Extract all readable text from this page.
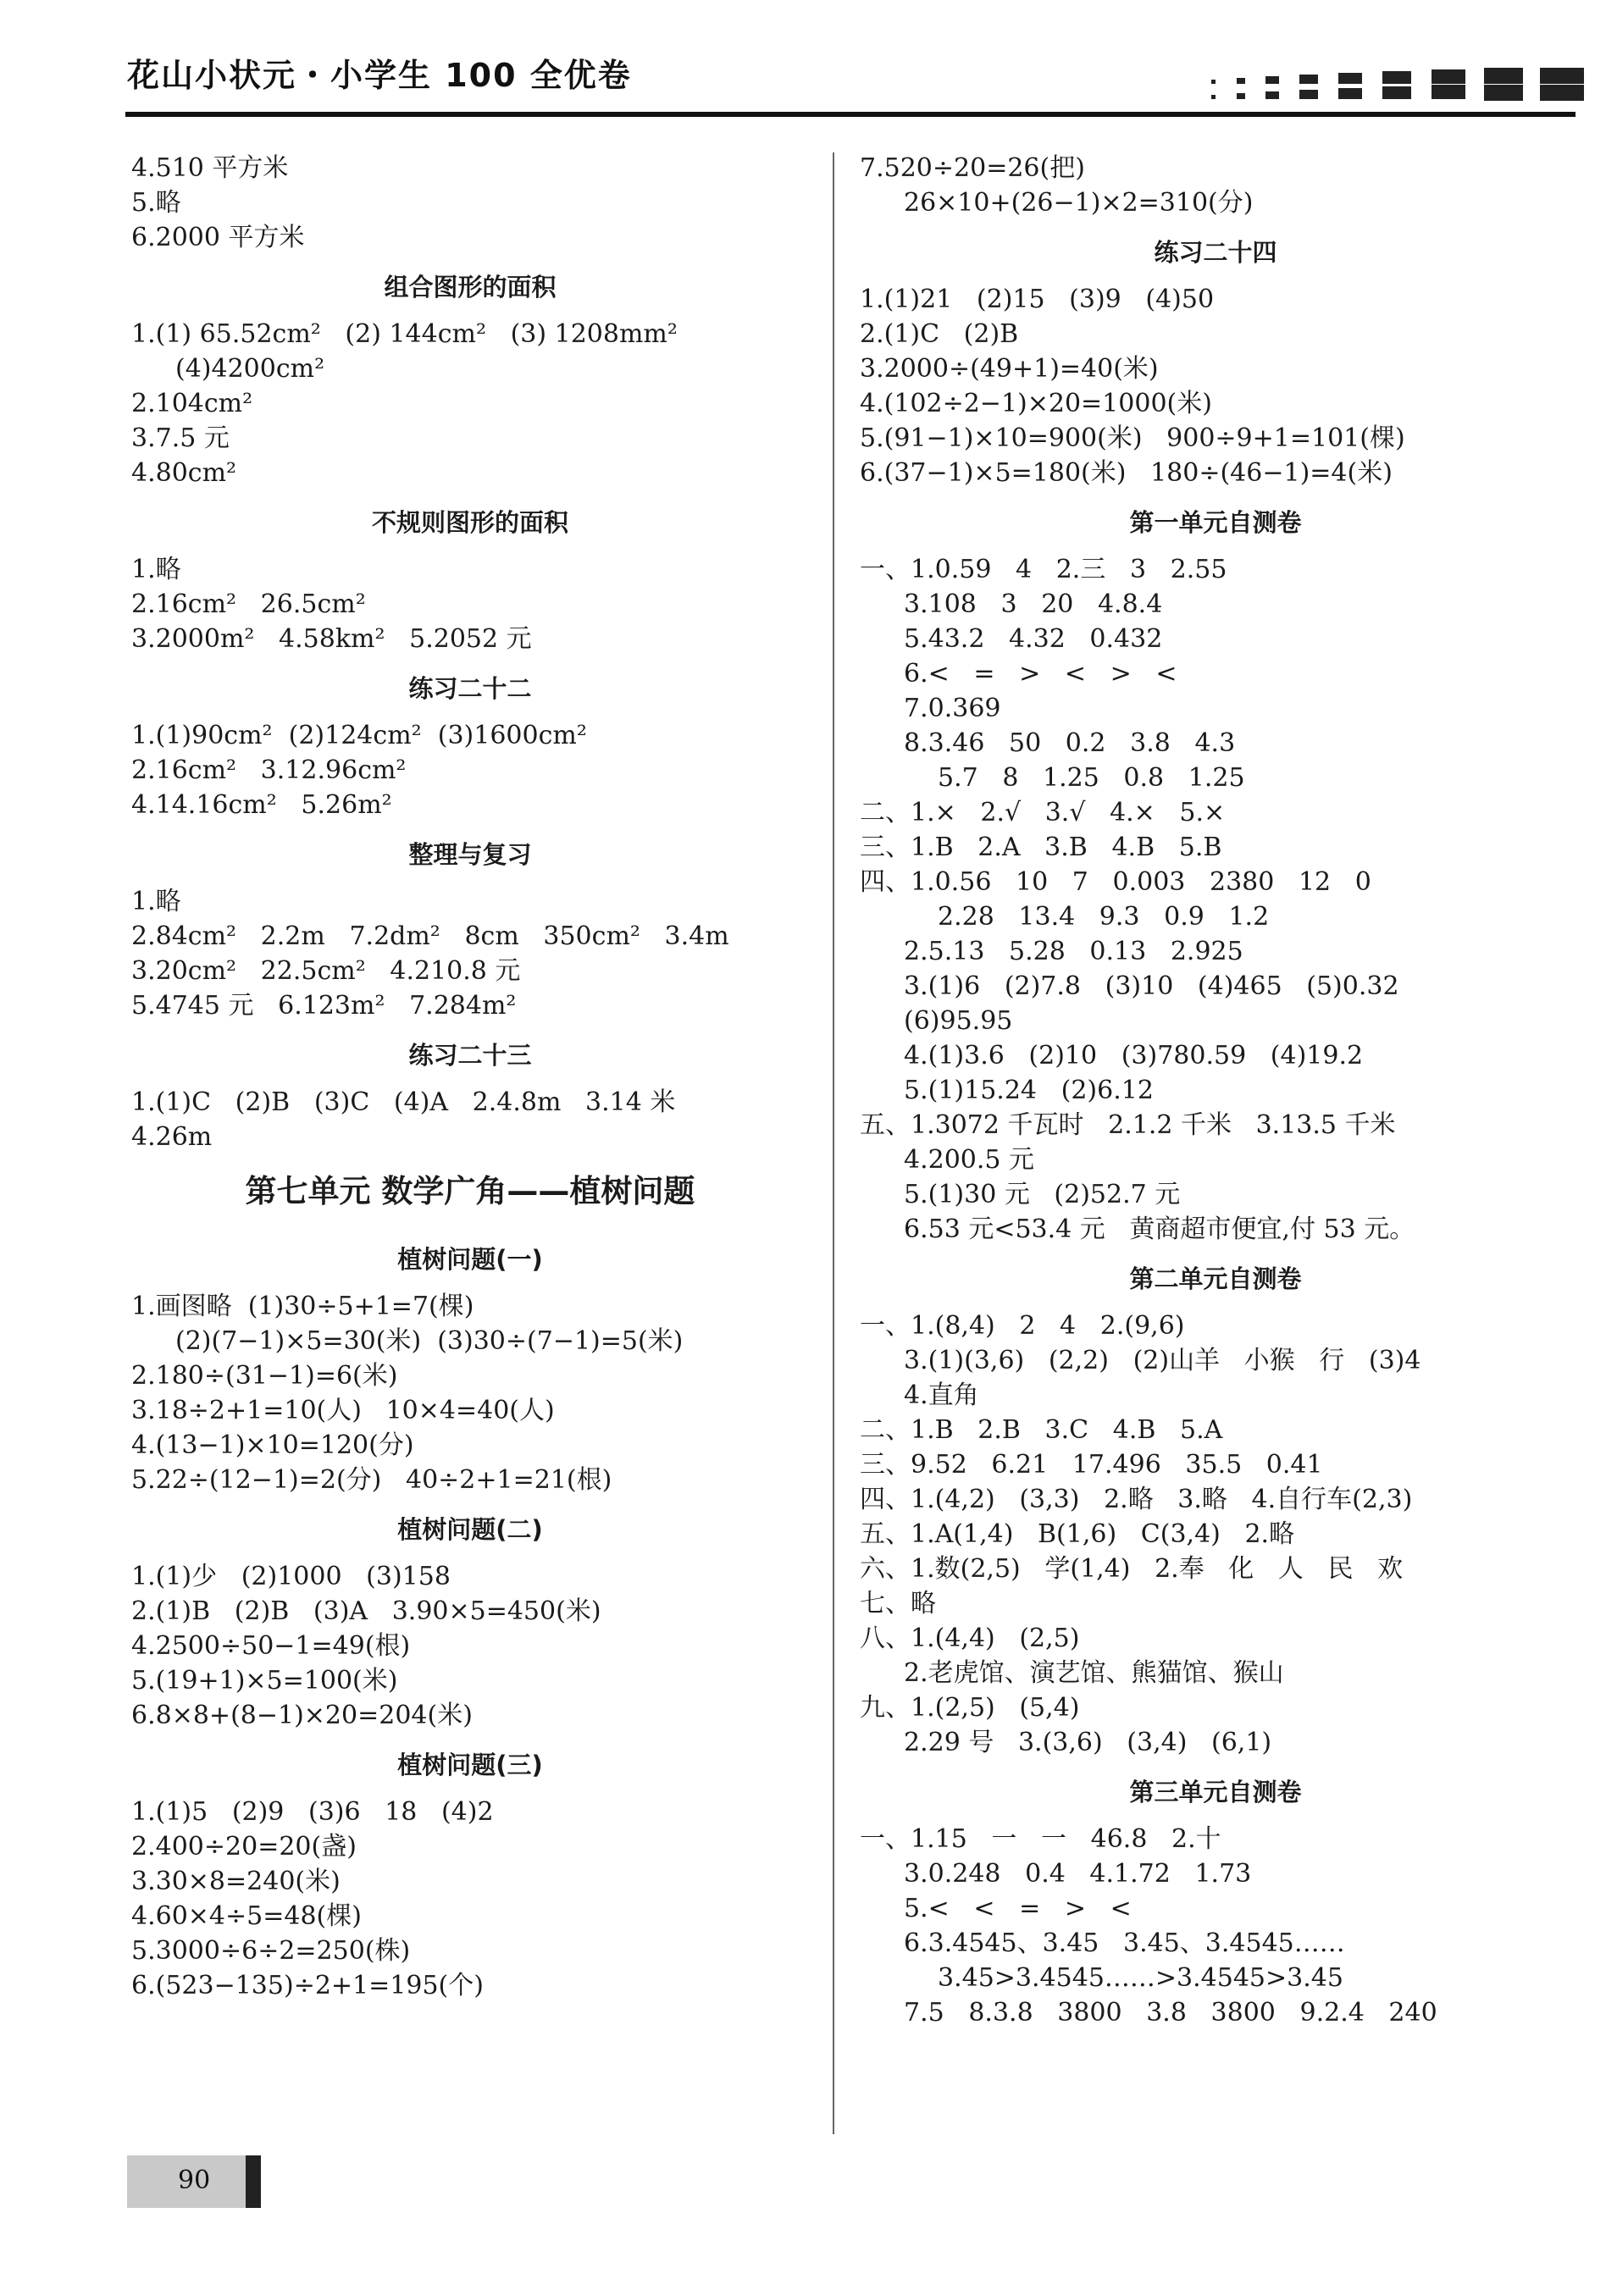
花山小状元・小学生 100 全优卷
4.510 平方米
5.略
6.2000 平方米
组合图形的面积
1.(1) 65.52cm²   (2) 144cm²   (3) 1208mm²
(4)4200cm²
2.104cm²
3.7.5 元
4.80cm²
不规则图形的面积
1.略
2.16cm²   26.5cm²
3.2000m²   4.58km²   5.2052 元
练习二十二
1.(1)90cm²  (2)124cm²  (3)1600cm²
2.16cm²   3.12.96cm²
4.14.16cm²   5.26m²
整理与复习
1.略
2.84cm²   2.2m   7.2dm²   8cm   350cm²   3.4m
3.20cm²   22.5cm²   4.210.8 元
5.4745 元   6.123m²   7.284m²
练习二十三
1.(1)C   (2)B   (3)C   (4)A   2.4.8m   3.14 米
4.26m
第七单元 数学广角——植树问题
植树问题(一)
1.画图略  (1)30÷5+1=7(棵)
(2)(7−1)×5=30(米)  (3)30÷(7−1)=5(米)
2.180÷(31−1)=6(米)
3.18÷2+1=10(人)   10×4=40(人)
4.(13−1)×10=120(分)
5.22÷(12−1)=2(分)   40÷2+1=21(根)
植树问题(二)
1.(1)少   (2)1000   (3)158
2.(1)B   (2)B   (3)A   3.90×5=450(米)
4.2500÷50−1=49(根)
5.(19+1)×5=100(米)
6.8×8+(8−1)×20=204(米)
植树问题(三)
1.(1)5   (2)9   (3)6   18   (4)2
2.400÷20=20(盏)
3.30×8=240(米)
4.60×4÷5=48(棵)
5.3000÷6÷2=250(株)
6.(523−135)÷2+1=195(个)
7.520÷20=26(把)
26×10+(26−1)×2=310(分)
练习二十四
1.(1)21   (2)15   (3)9   (4)50
2.(1)C   (2)B
3.2000÷(49+1)=40(米)
4.(102÷2−1)×20=1000(米)
5.(91−1)×10=900(米)   900÷9+1=101(棵)
6.(37−1)×5=180(米)   180÷(46−1)=4(米)
第一单元自测卷
一、1.0.59   4   2.三   3   2.55
3.108   3   20   4.8.4
5.43.2   4.32   0.432
6.<   =   >   <   >   <
7.0.369
8.3.46   50   0.2   3.8   4.3
5.7   8   1.25   0.8   1.25
二、1.×   2.√   3.√   4.×   5.×
三、1.B   2.A   3.B   4.B   5.B
四、1.0.56   10   7   0.003   2380   12   0
2.28   13.4   9.3   0.9   1.2
2.5.13   5.28   0.13   2.925
3.(1)6   (2)7.8   (3)10   (4)465   (5)0.32
(6)95.95
4.(1)3.6   (2)10   (3)780.59   (4)19.2
5.(1)15.24   (2)6.12
五、1.3072 千瓦时   2.1.2 千米   3.13.5 千米
4.200.5 元
5.(1)30 元   (2)52.7 元
6.53 元<53.4 元   黄商超市便宜,付 53 元。
第二单元自测卷
一、1.(8,4)   2   4   2.(9,6)
3.(1)(3,6)   (2,2)   (2)山羊   小猴   行   (3)4
4.直角
二、1.B   2.B   3.C   4.B   5.A
三、9.52   6.21   17.496   35.5   0.41
四、1.(4,2)   (3,3)   2.略   3.略   4.自行车(2,3)
五、1.A(1,4)   B(1,6)   C(3,4)   2.略
六、1.数(2,5)   学(1,4)   2.奉   化   人   民   欢
七、略
八、1.(4,4)   (2,5)
2.老虎馆、演艺馆、熊猫馆、猴山
九、1.(2,5)   (5,4)
2.29 号   3.(3,6)   (3,4)   (6,1)
第三单元自测卷
一、1.15   一   一   46.8   2.十
3.0.248   0.4   4.1.72   1.73
5.<   <   =   >   <
6.3.4545、3.45   3.45、3.4545……
3.45>3.4545……>3.4545>3.45
7.5   8.3.8   3800   3.8   3800   9.2.4   240
90
